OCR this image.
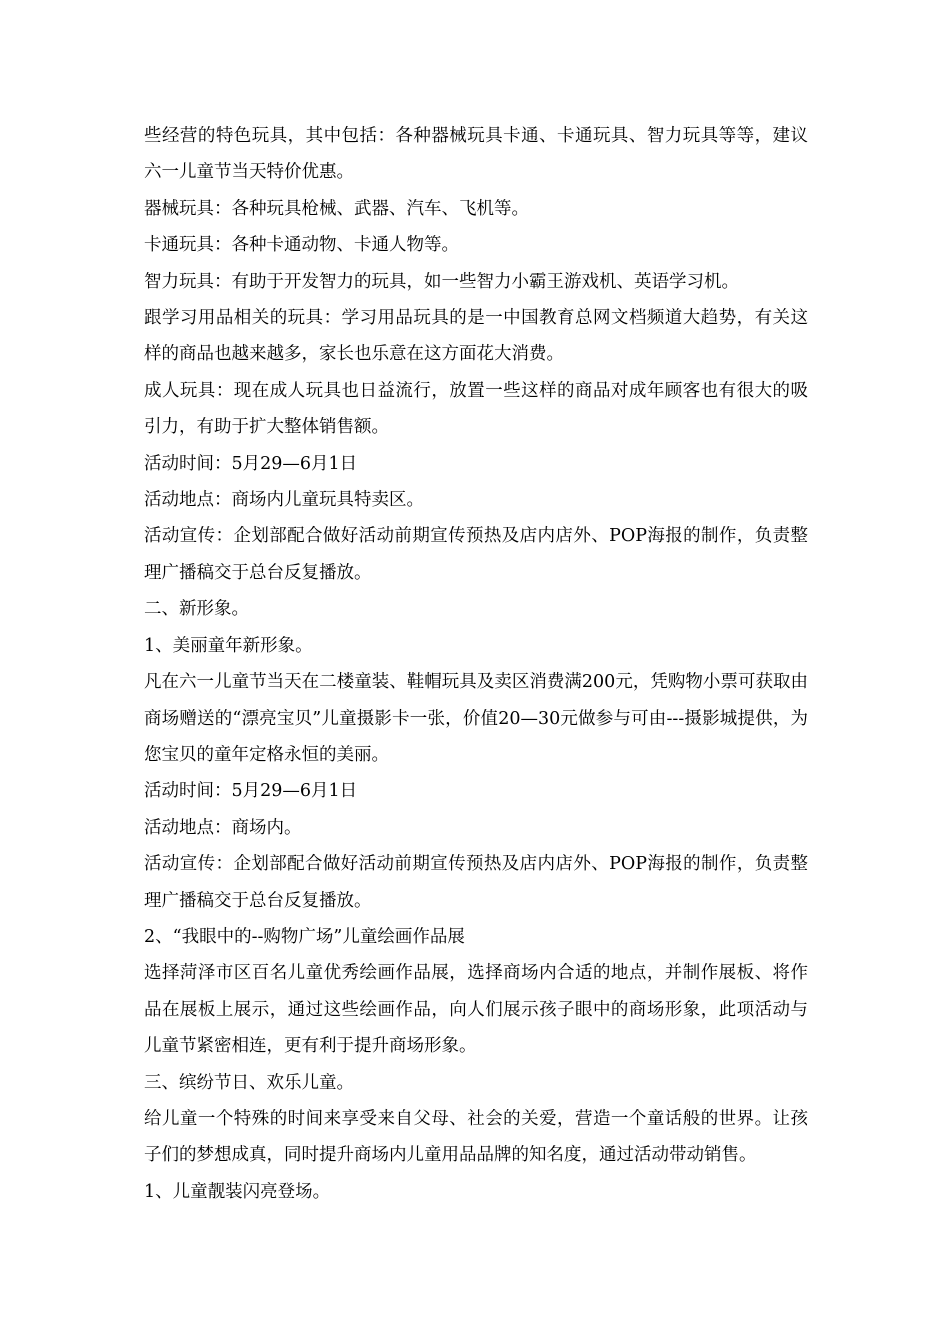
些经营的特色玩具，其中包括：各种器械玩具卡通、卡通玩具、智力玩具等等，建议六一儿童节当天特价优惠。

器械玩具：各种玩具枪械、武器、汽车、飞机等。

卡通玩具：各种卡通动物、卡通人物等。

智力玩具：有助于开发智力的玩具，如一些智力小霸王游戏机、英语学习机。

跟学习用品相关的玩具：学习用品玩具的是一中国教育总网文档频道大趋势，有关这样的商品也越来越多，家长也乐意在这方面花大消费。

成人玩具：现在成人玩具也日益流行，放置一些这样的商品对成年顾客也有很大的吸引力，有助于扩大整体销售额。

活动时间：5月29—6月1日

活动地点：商场内儿童玩具特卖区。

活动宣传：企划部配合做好活动前期宣传预热及店内店外、POP海报的制作，负责整理广播稿交于总台反复播放。

二、新形象。

1、美丽童年新形象。

凡在六一儿童节当天在二楼童装、鞋帽玩具及卖区消费满200元，凭购物小票可获取由商场赠送的“漂亮宝贝”儿童摄影卡一张，价值20—30元做参与可由---摄影城提供，为您宝贝的童年定格永恒的美丽。

活动时间：5月29—6月1日

活动地点：商场内。

活动宣传：企划部配合做好活动前期宣传预热及店内店外、POP海报的制作，负责整理广播稿交于总台反复播放。

2、“我眼中的--购物广场”儿童绘画作品展

选择菏泽市区百名儿童优秀绘画作品展，选择商场内合适的地点，并制作展板、将作品在展板上展示，通过这些绘画作品，向人们展示孩子眼中的商场形象，此项活动与儿童节紧密相连，更有利于提升商场形象。

三、缤纷节日、欢乐儿童。

给儿童一个特殊的时间来享受来自父母、社会的关爱，营造一个童话般的世界。让孩子们的梦想成真，同时提升商场内儿童用品品牌的知名度，通过活动带动销售。

1、儿童靓装闪亮登场。
